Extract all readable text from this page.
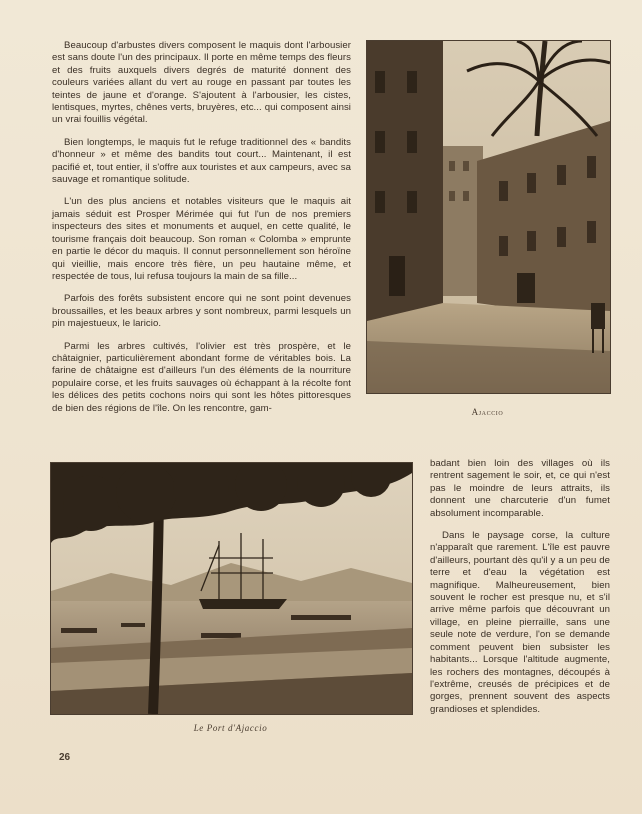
Beaucoup d'arbustes divers composent le maquis dont l'arbousier est sans doute l'un des principaux. Il porte en même temps des fleurs et des fruits auxquels divers degrés de maturité donnent des couleurs variées allant du vert au rouge en passant par toutes les teintes de jaune et d'orange. S'ajoutent à l'arbousier, les cistes, lentisques, myrtes, chênes verts, bruyères, etc... qui composent ainsi un vrai fouillis végétal.

Bien longtemps, le maquis fut le refuge traditionnel des « bandits d'honneur » et même des bandits tout court... Maintenant, il est pacifié et, tout entier, il s'offre aux touristes et aux campeurs, avec sa sauvage et romantique solitude.

L'un des plus anciens et notables visiteurs que le maquis ait jamais séduit est Prosper Mérimée qui fut l'un de nos premiers inspecteurs des sites et monuments et auquel, en cette qualité, le tourisme français doit beaucoup. Son roman « Colomba » emprunte en partie le décor du maquis. Il connut personnellement son héroïne qui vieillie, mais encore très fière, un peu hautaine même, et respectée de tous, lui refusa toujours la main de sa fille...

Parfois des forêts subsistent encore qui ne sont point devenues broussailles, et les beaux arbres y sont nombreux, parmi lesquels un pin majestueux, le laricio.

Parmi les arbres cultivés, l'olivier est très prospère, et le châtaignier, particulièrement abondant forme de véritables bois. La farine de châtaigne est d'ailleurs l'un des éléments de la nourriture populaire corse, et les fruits sauvages où échappant à la récolte font les délices des petits cochons noirs qui sont les hôtes pittoresques de bien des régions de l'île. On les rencontre, gam-	Ajaccio
Le Port d'Ajaccio

badant bien loin des villages où ils rentrent sagement le soir, et, ce qui n'est pas le moindre de leurs attraits, ils donnent une charcuterie d'un fumet absolument incomparable.

Dans le paysage corse, la culture n'apparaît que rarement. L'île est pauvre d'ailleurs, pourtant dès qu'il y a un peu de terre et d'eau la végétation est magnifique. Malheureusement, bien souvent le rocher est presque nu, et s'il arrive même parfois que découvrant un village, en pleine pierraille, sans une seule note de verdure, l'on se demande comment peuvent bien subsister les habitants... Lorsque l'altitude augmente, les rochers des montagnes, découpés à l'extrême, creusés de précipices et de gorges, prennent souvent des aspects grandioses et splendides.

26
